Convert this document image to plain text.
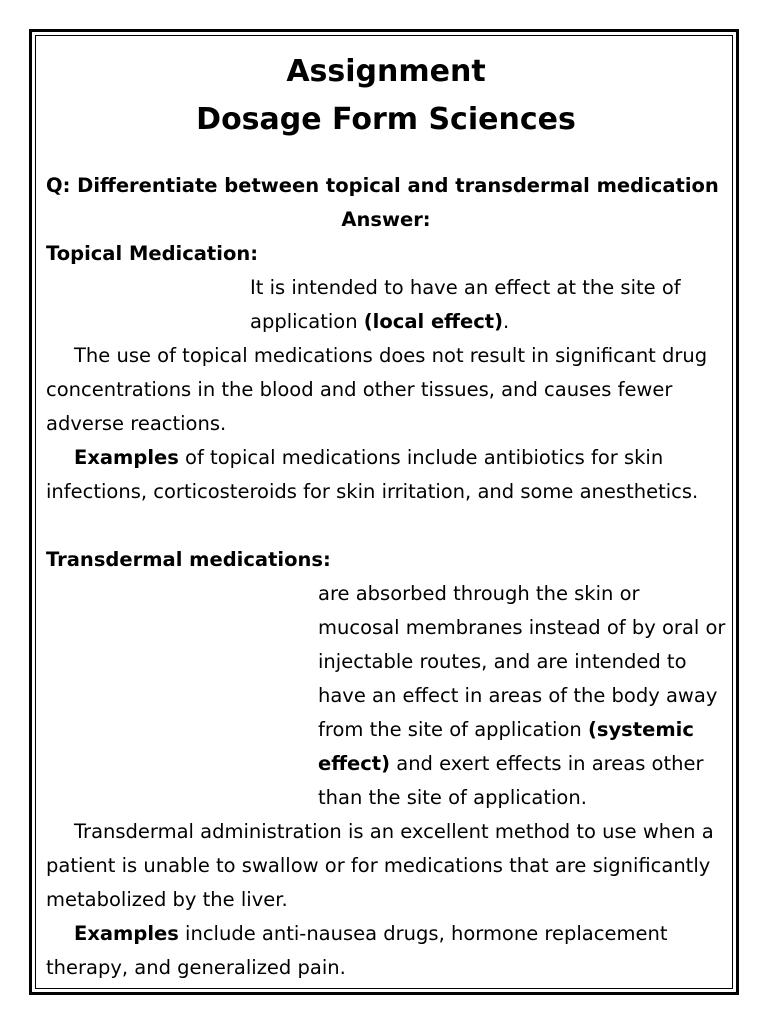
Assignment
Dosage Form Sciences

Q: Differentiate between topical and transdermal medication

Answer:

Topical Medication:

It is intended to have an effect at the site of application (local effect).

The use of topical medications does not result in significant drug concentrations in the blood and other tissues, and causes fewer adverse reactions.

Examples of topical medications include antibiotics for skin infections, corticosteroids for skin irritation, and some anesthetics.

Transdermal medications:

are absorbed through the skin or mucosal membranes instead of by oral or injectable routes, and are intended to have an effect in areas of the body away from the site of application (systemic effect) and exert effects in areas other than the site of application.

Transdermal administration is an excellent method to use when a patient is unable to swallow or for medications that are significantly metabolized by the liver.

Examples include anti-nausea drugs, hormone replacement therapy, and generalized pain.
